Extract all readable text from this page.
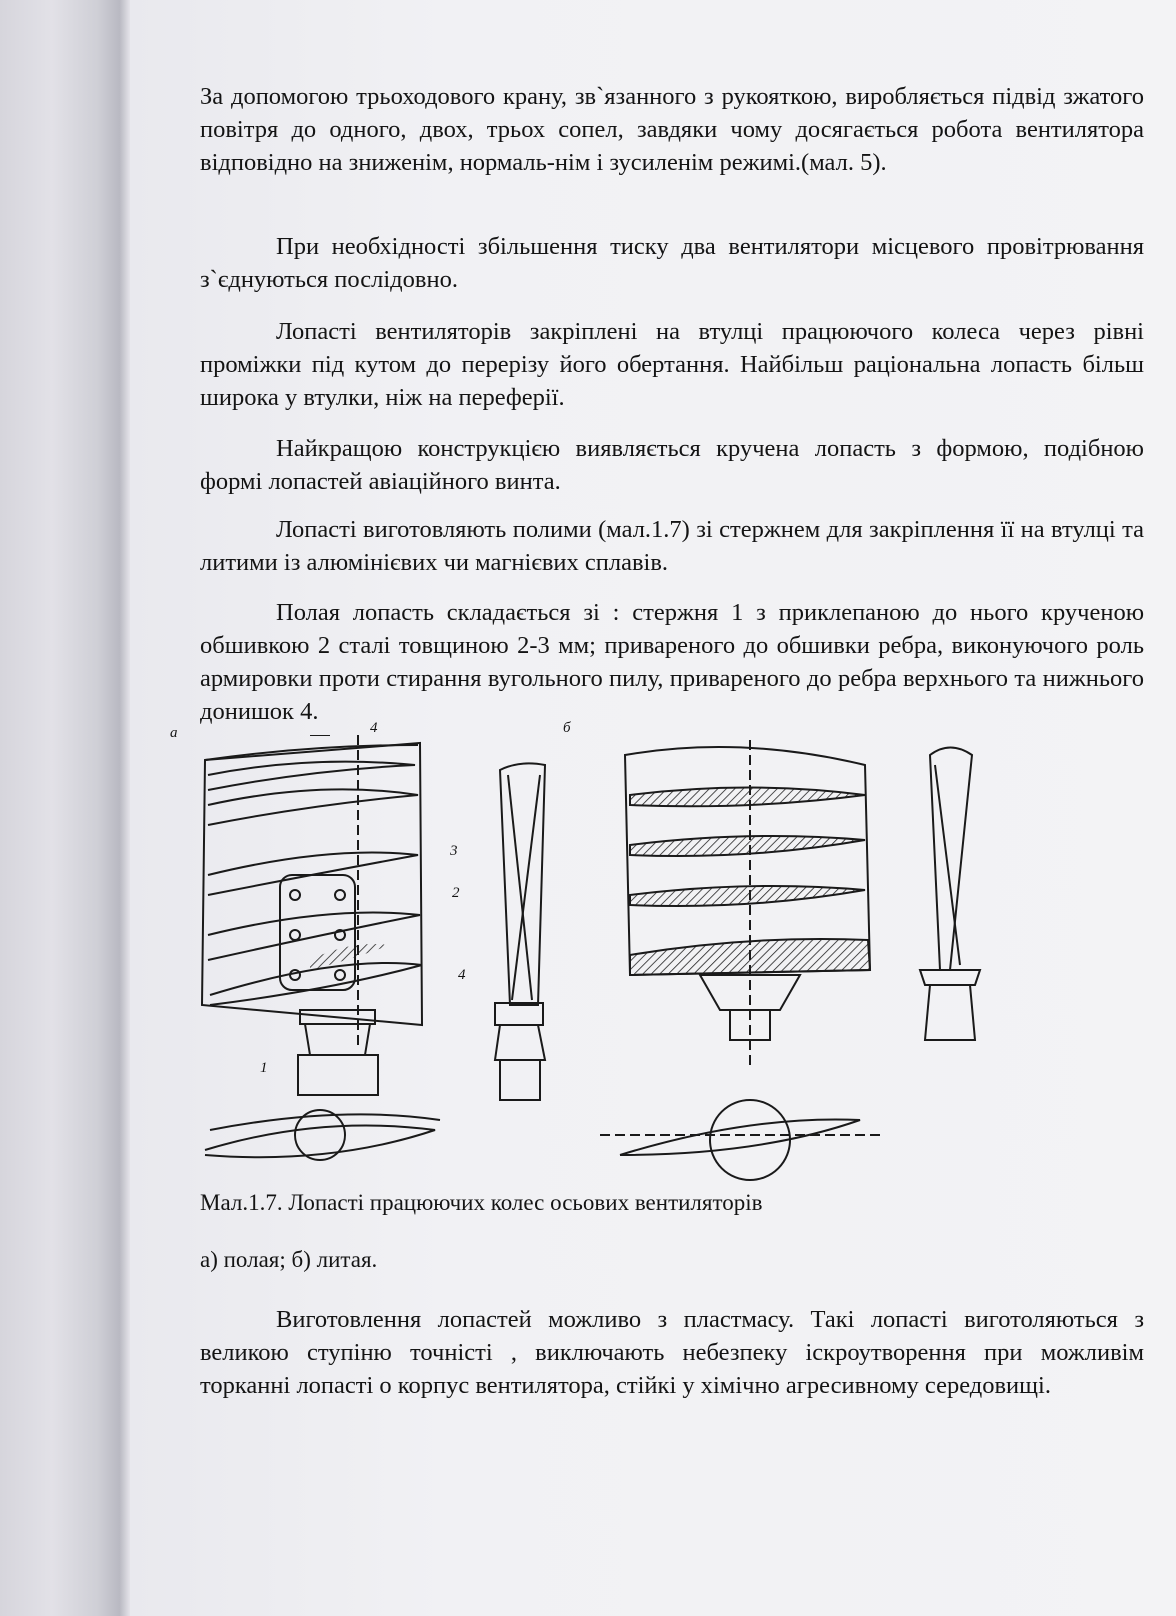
За допомогою трьоходового крану, зв`язанного з рукояткою, виробляється підвід зжатого повітря до одного, двох, трьох сопел, завдяки чому досягається робота вентилятора відповідно на зниженім, нормаль-нім і зусиленім режимі.(мал. 5).

При необхідності збільшення тиску два вентилятори місцевого провітрювання з`єднуються послідовно.

Лопасті вентиляторів закріплені на втулці працюючого колеса через рівні проміжки під кутом до перерізу його обертання. Найбільш раціональна лопасть більш широка у втулки, ніж на переферії.

Найкращою конструкцією виявляється кручена лопасть з формою, подібною формі лопастей авіаційного винта.

Лопасті виготовляють полими (мал.1.7) зі стержнем для закріплення її на втулці та литими із алюмінієвих чи магнієвих сплавів.

Полая лопасть складається зі : стержня 1 з приклепаною до нього крученою обшивкою 2 сталі товщиною 2-3 мм; привареного до обшивки ребра, виконуючого роль армировки проти стирання вугольного пилу, привареного до ребра верхнього та нижнього донишок 4.

а	б
4
3
2
4
1

Мал.1.7. Лопасті працюючих колес осьових вентиляторів

а) полая; б) литая.

Виготовлення лопастей можливо з пластмасу. Такі лопасті виготоляються з великою ступіню точністі , виключають небезпеку іскроутворення при можливім торканні лопасті о корпус вентилятора, стійкі у хімічно агресивному середовищі.
